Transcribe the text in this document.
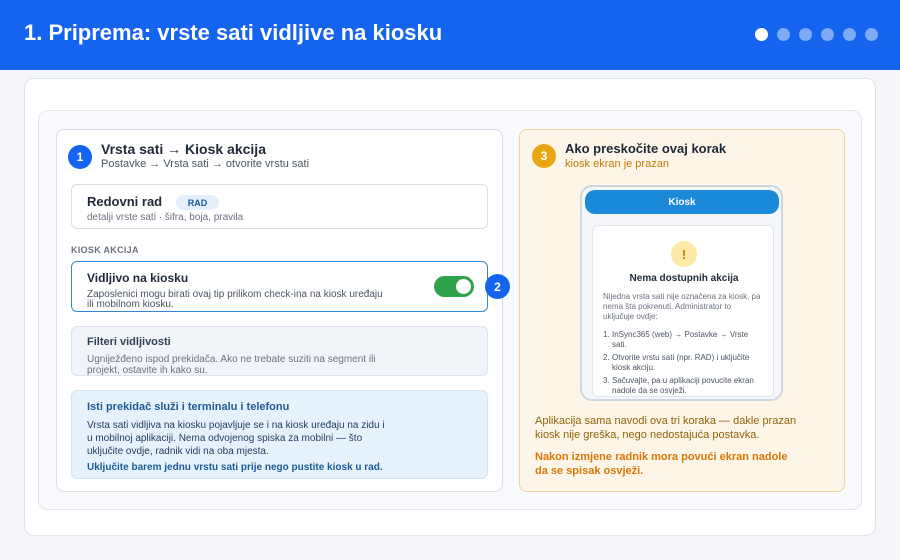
1. Priprema: vrste sati vidljive na kiosku
1	Vrsta sati → Kiosk akcija
Postavke → Vrsta sati → otvorite vrstu sati
Redovni rad	RAD
detalji vrste sati · šifra, boja, pravila
KIOSK AKCIJA
Vidljivo na kiosku
Zaposlenici mogu birati ovaj tip prilikom check-ina na kiosk uređaju ili mobilnom kiosku.
2
Filteri vidljivosti
Ugniježđeno ispod prekidača. Ako ne trebate suziti na segment ili projekt, ostavite ih kako su.
Isti prekidač služi i terminalu i telefonu
Vrsta sati vidljiva na kiosku pojavljuje se i na kiosk uređaju na zidu i u mobilnoj aplikaciji. Nema odvojenog spiska za mobilni — što uključite ovdje, radnik vidi na oba mjesta.
Uključite barem jednu vrstu sati prije nego pustite kiosk u rad.
3	Ako preskočite ovaj korak
kiosk ekran je prazan
Kiosk
!
Nema dostupnih akcija
Nijedna vrsta sati nije označena za kiosk, pa nema šta pokrenuti. Administrator to uključuje ovdje:
1. InSync365 (web) → Postavke → Vrste sati.
2. Otvorite vrstu sati (npr. RAD) i uključite kiosk akciju.
3. Sačuvajte, pa u aplikaciji povucite ekran nadole da se osvježi.
Aplikacija sama navodi ova tri koraka — dakle prazan kiosk nije greška, nego nedostajuća postavka.
Nakon izmjene radnik mora povući ekran nadole da se spisak osvježi.
